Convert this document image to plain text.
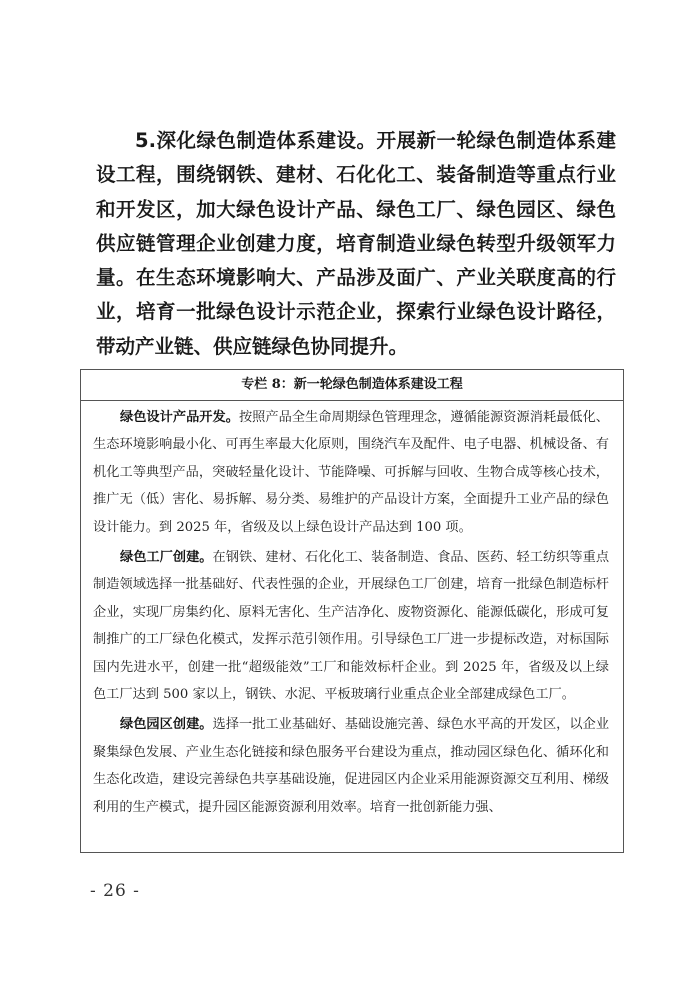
5.深化绿色制造体系建设。开展新一轮绿色制造体系建设工程，围绕钢铁、建材、石化化工、装备制造等重点行业和开发区，加大绿色设计产品、绿色工厂、绿色园区、绿色供应链管理企业创建力度，培育制造业绿色转型升级领军力量。在生态环境影响大、产品涉及面广、产业关联度高的行业，培育一批绿色设计示范企业，探索行业绿色设计路径，带动产业链、供应链绿色协同提升。

专栏 8：新一轮绿色制造体系建设工程

绿色设计产品开发。按照产品全生命周期绿色管理理念，遵循能源资源消耗最低化、生态环境影响最小化、可再生率最大化原则，围绕汽车及配件、电子电器、机械设备、有机化工等典型产品，突破轻量化设计、节能降噪、可拆解与回收、生物合成等核心技术，推广无（低）害化、易拆解、易分类、易维护的产品设计方案，全面提升工业产品的绿色设计能力。到 2025 年，省级及以上绿色设计产品达到 100 项。

绿色工厂创建。在钢铁、建材、石化化工、装备制造、食品、医药、轻工纺织等重点制造领域选择一批基础好、代表性强的企业，开展绿色工厂创建，培育一批绿色制造标杆企业，实现厂房集约化、原料无害化、生产洁净化、废物资源化、能源低碳化，形成可复制推广的工厂绿色化模式，发挥示范引领作用。引导绿色工厂进一步提标改造，对标国际国内先进水平，创建一批“超级能效”工厂和能效标杆企业。到 2025 年，省级及以上绿色工厂达到 500 家以上，钢铁、水泥、平板玻璃行业重点企业全部建成绿色工厂。

绿色园区创建。选择一批工业基础好、基础设施完善、绿色水平高的开发区，以企业聚集绿色发展、产业生态化链接和绿色服务平台建设为重点，推动园区绿色化、循环化和生态化改造，建设完善绿色共享基础设施，促进园区内企业采用能源资源交互利用、梯级利用的生产模式，提升园区能源资源利用效率。培育一批创新能力强、

- 26 -
